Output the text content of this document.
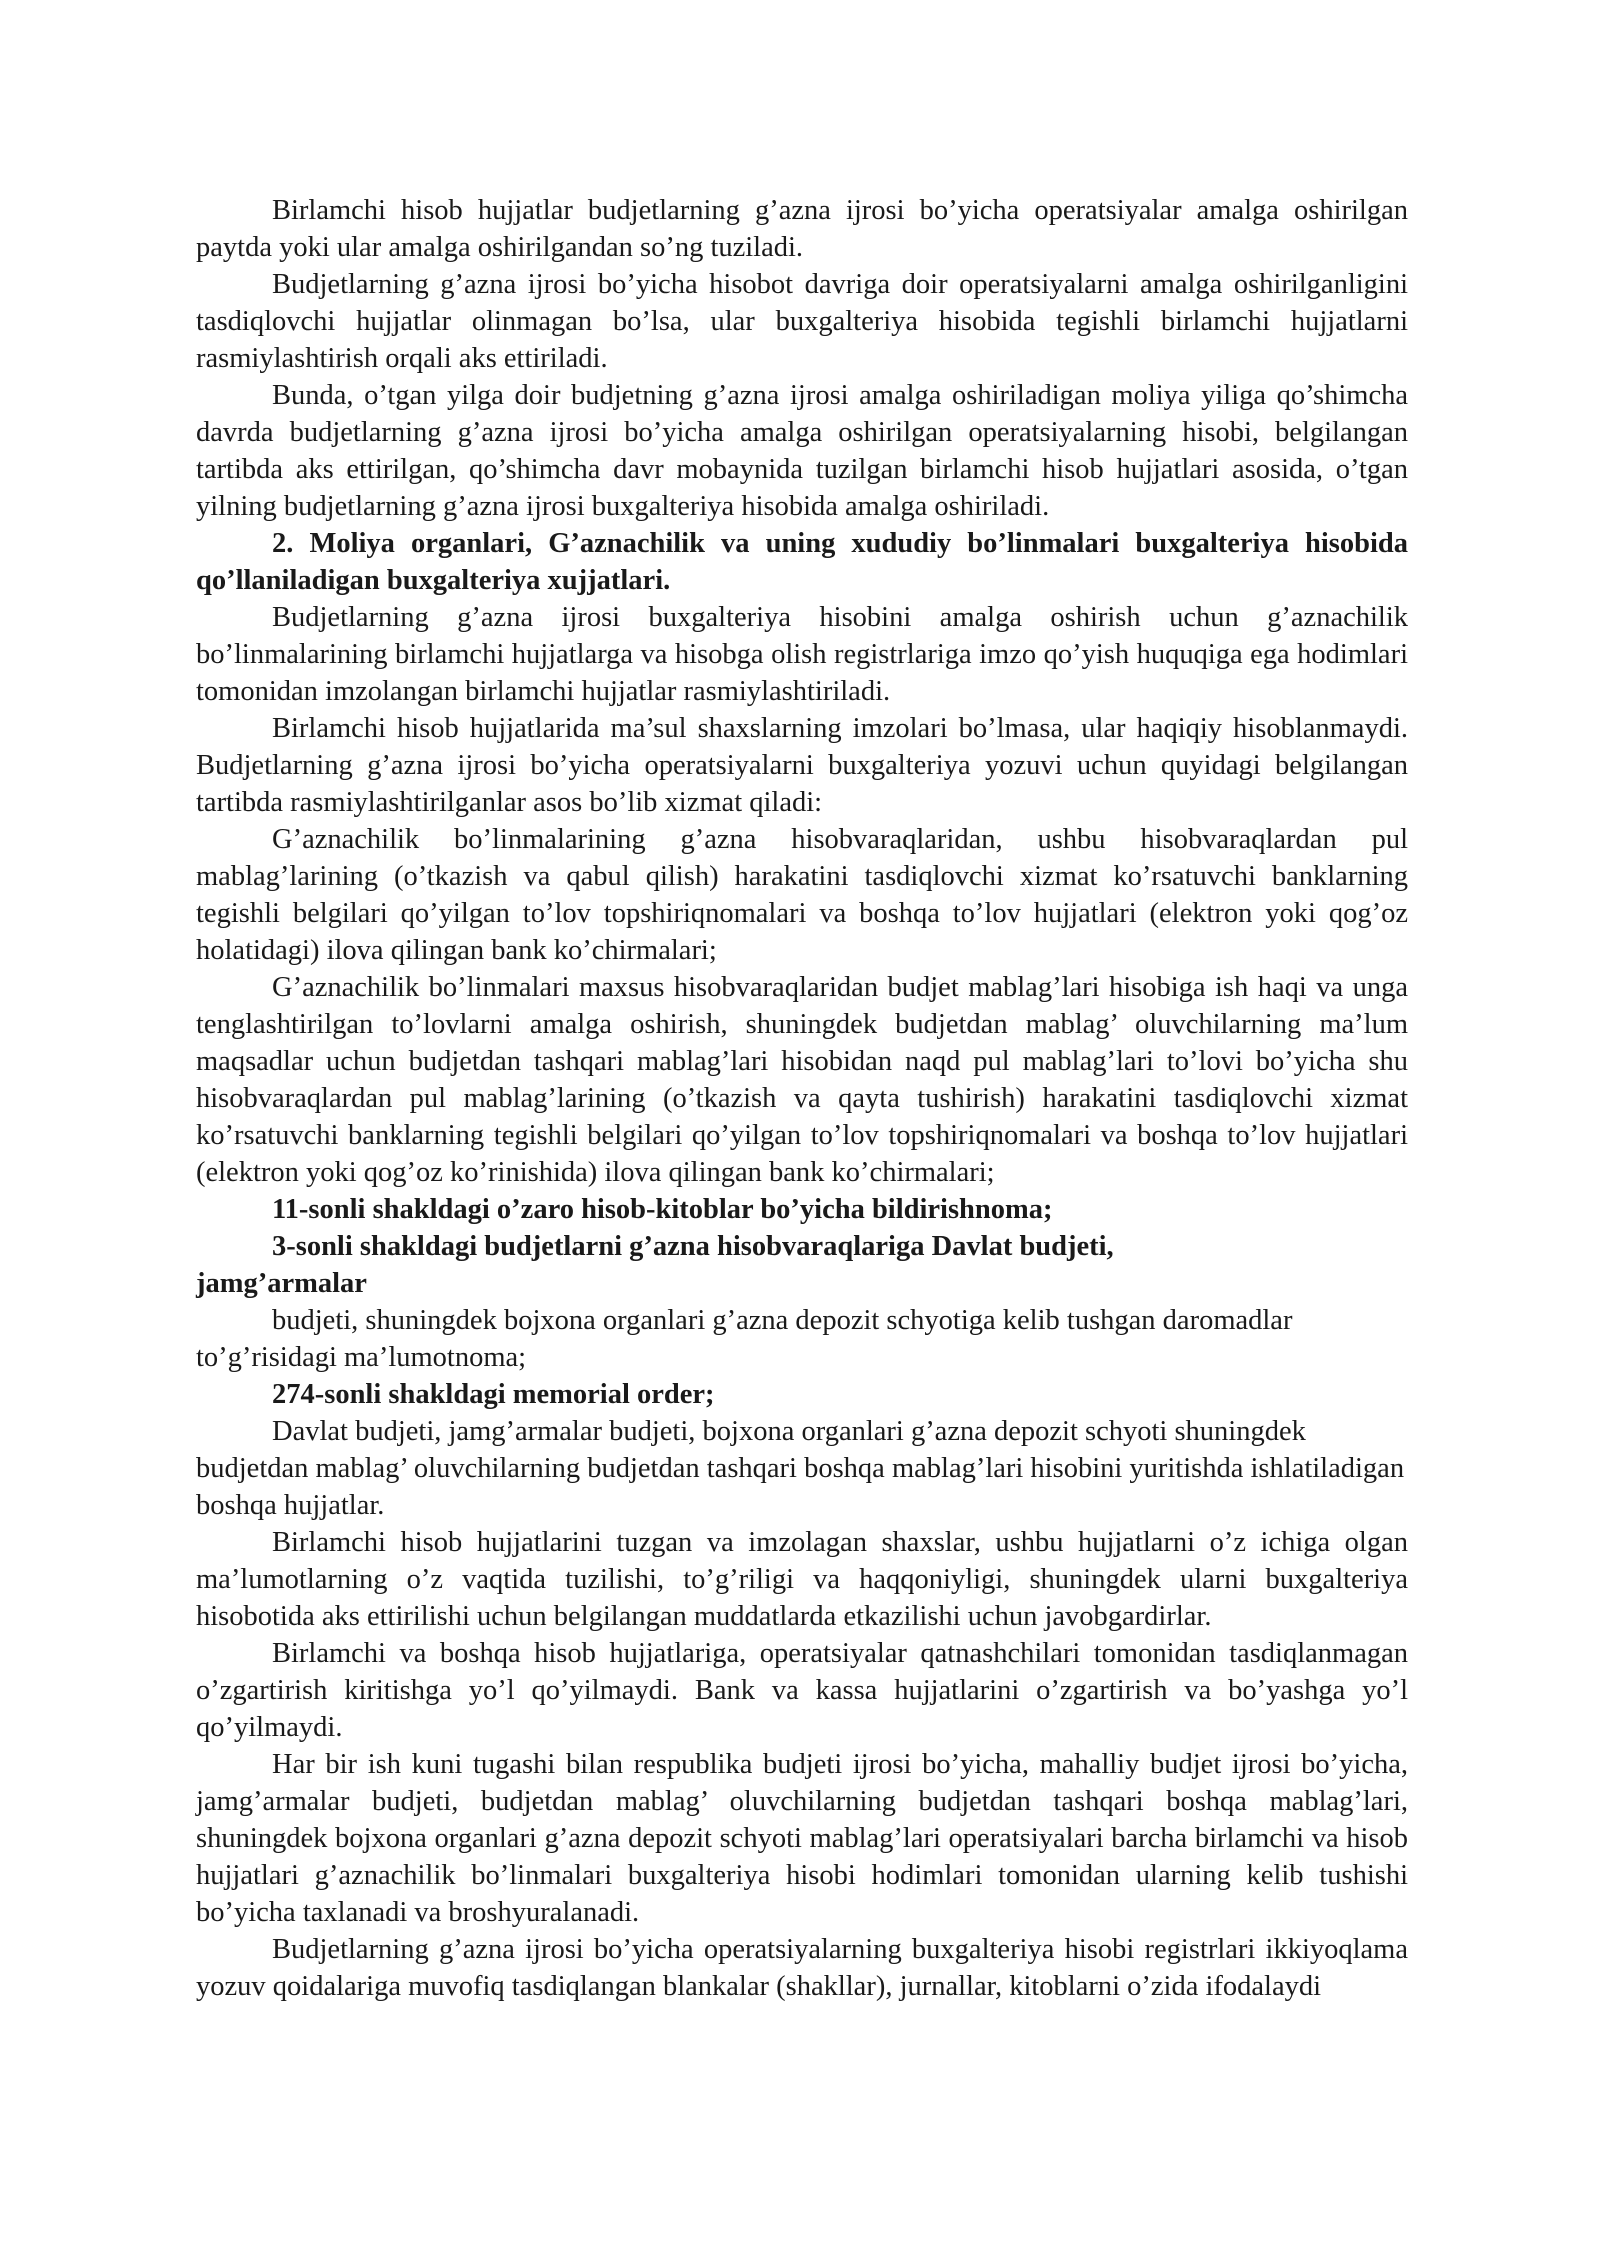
Birlamchi hisob hujjatlar budjetlarning g’azna ijrosi bo’yicha operatsiyalar amalga oshirilgan paytda yoki ular amalga oshirilgandan so’ng tuziladi.

Budjetlarning g’azna ijrosi bo’yicha hisobot davriga doir operatsiyalarni amalga oshirilganligini tasdiqlovchi hujjatlar olinmagan bo’lsa, ular buxgalteriya hisobida tegishli birlamchi hujjatlarni rasmiylashtirish orqali aks ettiriladi.

Bunda, o’tgan yilga doir budjetning g’azna ijrosi amalga oshiriladigan moliya yiliga qo’shimcha davrda budjetlarning g’azna ijrosi bo’yicha amalga oshirilgan operatsiyalarning hisobi, belgilangan tartibda aks ettirilgan, qo’shimcha davr mobaynida tuzilgan birlamchi hisob hujjatlari asosida, o’tgan yilning budjetlarning g’azna ijrosi buxgalteriya hisobida amalga oshiriladi.

2. Moliya organlari, G’aznachilik va uning xududiy bo’linmalari buxgalteriya hisobida qo’llaniladigan buxgalteriya xujjatlari.

Budjetlarning g’azna ijrosi buxgalteriya hisobini amalga oshirish uchun g’aznachilik bo’linmalarining birlamchi hujjatlarga va hisobga olish registrlariga imzo qo’yish huquqiga ega hodimlari tomonidan imzolangan birlamchi hujjatlar rasmiylashtiriladi.

Birlamchi hisob hujjatlarida ma’sul shaxslarning imzolari bo’lmasa, ular haqiqiy hisoblanmaydi. Budjetlarning g’azna ijrosi bo’yicha operatsiyalarni buxgalteriya yozuvi uchun quyidagi belgilangan tartibda rasmiylashtirilganlar asos bo’lib xizmat qiladi:

G’aznachilik bo’linmalarining g’azna hisobvaraqlaridan, ushbu hisobvaraqlardan pul mablag’larining (o’tkazish va qabul qilish) harakatini tasdiqlovchi xizmat ko’rsatuvchi banklarning tegishli belgilari qo’yilgan to’lov topshiriqnomalari va boshqa to’lov hujjatlari (elektron yoki qog’oz holatidagi) ilova qilingan bank ko’chirmalari;

G’aznachilik bo’linmalari maxsus hisobvaraqlaridan budjet mablag’lari hisobiga ish haqi va unga tenglashtirilgan to’lovlarni amalga oshirish, shuningdek budjetdan mablag’ oluvchilarning ma’lum maqsadlar uchun budjetdan tashqari mablag’lari hisobidan naqd pul mablag’lari to’lovi bo’yicha shu hisobvaraqlardan pul mablag’larining (o’tkazish va qayta tushirish) harakatini tasdiqlovchi xizmat ko’rsatuvchi banklarning tegishli belgilari qo’yilgan to’lov topshiriqnomalari va boshqa to’lov hujjatlari (elektron yoki qog’oz ko’rinishida) ilova qilingan bank ko’chirmalari;

11-sonli shakldagi o’zaro hisob-kitoblar bo’yicha bildirishnoma;

3-sonli shakldagi budjetlarni g’azna hisobvaraqlariga Davlat budjeti,

jamg’armalar

budjeti, shuningdek bojxona organlari g’azna depozit schyotiga kelib tushgan daromadlar to’g’risidagi ma’lumotnoma;

274-sonli shakldagi memorial order;

Davlat budjeti, jamg’armalar budjeti, bojxona organlari g’azna depozit schyoti shuningdek budjetdan mablag’ oluvchilarning budjetdan tashqari boshqa mablag’lari hisobini yuritishda ishlatiladigan boshqa hujjatlar.

Birlamchi hisob hujjatlarini tuzgan va imzolagan shaxslar, ushbu hujjatlarni o’z ichiga olgan ma’lumotlarning o’z vaqtida tuzilishi, to’g’riligi va haqqoniyligi, shuningdek ularni buxgalteriya hisobotida aks ettirilishi uchun belgilangan muddatlarda etkazilishi uchun javobgardirlar.

Birlamchi va boshqa hisob hujjatlariga, operatsiyalar qatnashchilari tomonidan tasdiqlanmagan o’zgartirish kiritishga yo’l qo’yilmaydi. Bank va kassa hujjatlarini o’zgartirish va bo’yashga yo’l qo’yilmaydi.

Har bir ish kuni tugashi bilan respublika budjeti ijrosi bo’yicha, mahalliy budjet ijrosi bo’yicha, jamg’armalar budjeti, budjetdan mablag’ oluvchilarning budjetdan tashqari boshqa mablag’lari, shuningdek bojxona organlari g’azna depozit schyoti mablag’lari operatsiyalari barcha birlamchi va hisob hujjatlari g’aznachilik bo’linmalari buxgalteriya hisobi hodimlari tomonidan ularning kelib tushishi bo’yicha taxlanadi va broshyuralanadi.

Budjetlarning g’azna ijrosi bo’yicha operatsiyalarning buxgalteriya hisobi registrlari ikkiyoqlama yozuv qoidalariga muvofiq tasdiqlangan blankalar (shakllar), jurnallar, kitoblarni o’zida ifodalaydi
